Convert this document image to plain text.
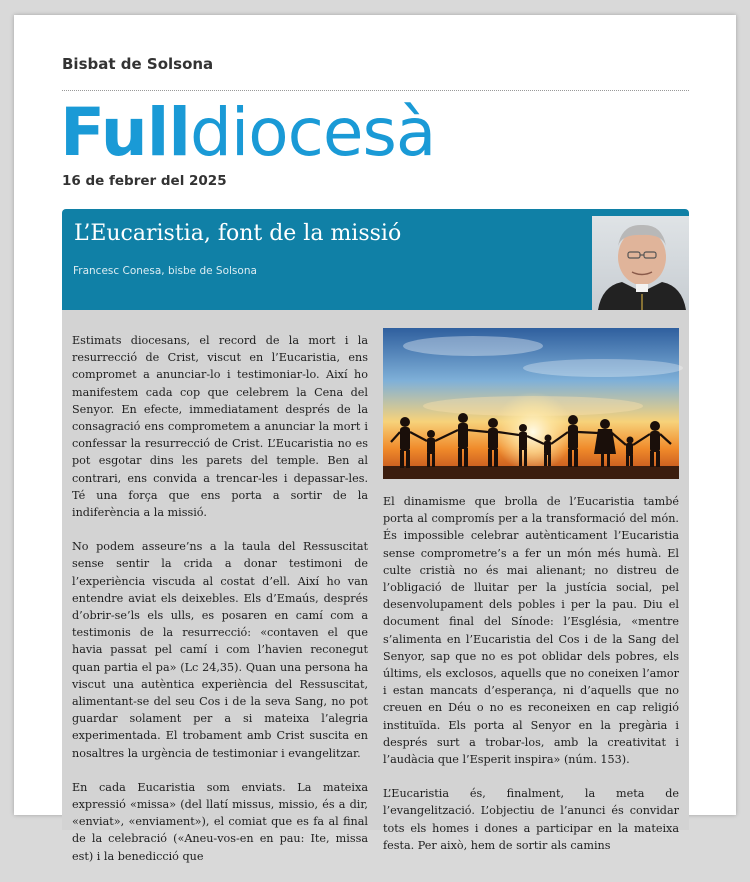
Bisbat de Solsona
Fulldiocesà
16 de febrer del 2025
L’Eucaristia, font de la missió
Francesc Conesa, bisbe de Solsona

Estimats diocesans, el record de la mort i la resurrecció de Crist, viscut en l’Eucaristia, ens compromet a anunciar-lo i testimoniar-lo. Així ho manifestem cada cop que celebrem la Cena del Senyor. En efecte, immediatament després de la consagració ens comprometem a anunciar la mort i confessar la resurrecció de Crist. L’Eucaristia no es pot esgotar dins les parets del temple. Ben al contrari, ens convida a trencar-les i depassar-les. Té una força que ens porta a sortir de la indiferència a la missió.

No podem asseure’ns a la taula del Ressuscitat sense sentir la crida a donar testimoni de l’experiència viscuda al costat d’ell. Així ho van entendre aviat els deixebles. Els d’Emaús, després d’obrir-se’ls els ulls, es posaren en camí com a testimonis de la resurrecció: «contaven el que havia passat pel camí i com l’havien reconegut quan partia el pa» (Lc 24,35). Quan una persona ha viscut una autèntica experiència del Ressuscitat, alimentant-se del seu Cos i de la seva Sang, no pot guardar solament per a si mateixa l’alegria experimentada. El trobament amb Crist suscita en nosaltres la urgència de testimoniar i evangelitzar.

En cada Eucaristia som enviats. La mateixa expressió «missa» (del llatí missus, missio, és a dir, «enviat», «enviament»), el comiat que es fa al final de la celebració («Aneu-vos-en en pau: Ite, missa est) i la benedicció que

El dinamisme que brolla de l’Eucaristia també porta al compromís per a la transformació del món. És impossible celebrar autènticament l’Eucaristia sense comprometre’s a fer un món més humà. El culte cristià no és mai alienant; no distreu de l’obligació de lluitar per la justícia social, pel desenvolupament dels pobles i per la pau. Diu el document final del Sínode: l’Església, «mentre s’alimenta en l’Eucaristia del Cos i de la Sang del Senyor, sap que no es pot oblidar dels pobres, els últims, els exclosos, aquells que no coneixen l’amor i estan mancats d’esperança, ni d’aquells que no creuen en Déu o no es reconeixen en cap religió instituïda. Els porta al Senyor en la pregària i després surt a trobar-los, amb la creativitat i l’audàcia que l’Esperit inspira» (núm. 153).

L’Eucaristia és, finalment, la meta de l’evangelització. L’objectiu de l’anunci és convidar tots els homes i dones a participar en la mateixa festa. Per això, hem de sortir als camins
